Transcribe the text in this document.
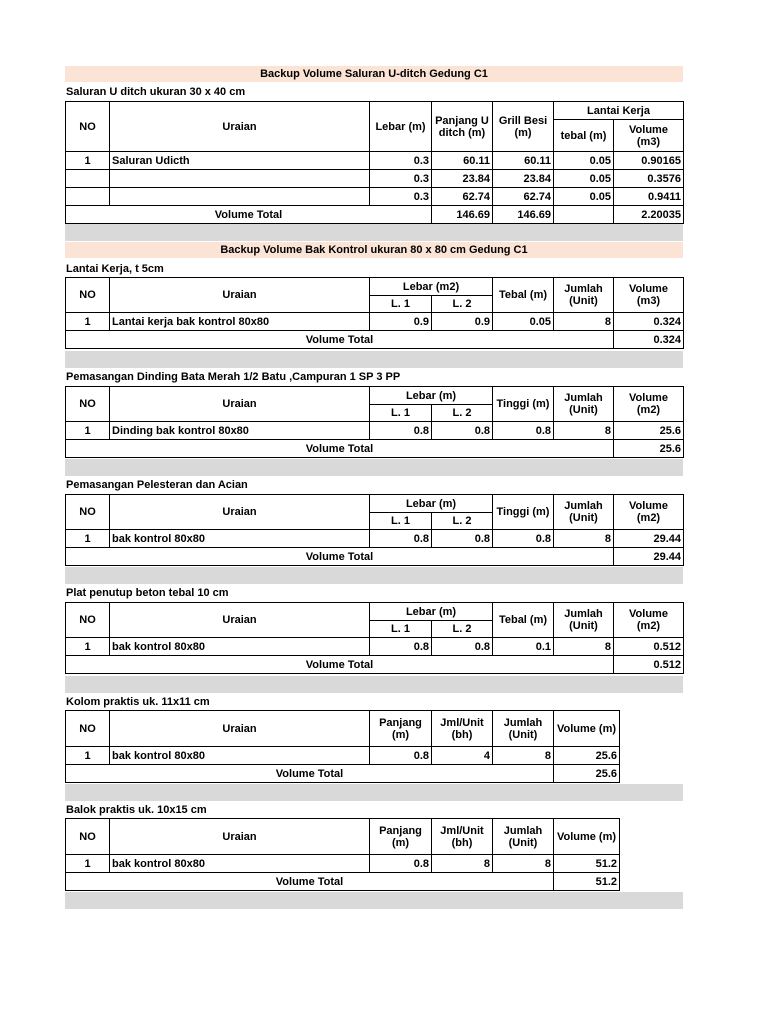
Backup Volume Saluran U-ditch Gedung C1
Saluran U ditch ukuran 30 x 40 cm
NO	Uraian	Lebar (m)	Panjang U ditch (m)	Grill Besi (m)	Lantai Kerja	
					tebal (m)	Volume (m3)
1	Saluran Udicth	0.3	60.11	60.11	0.05	0.90165
		0.3	23.84	23.84	0.05	0.3576
		0.3	62.74	62.74	0.05	0.9411
Volume Total			146.69	146.69		2.20035
Backup Volume Bak Kontrol ukuran 80 x 80 cm Gedung C1
Lantai Kerja, t 5cm
NO	Uraian	Lebar (m2)		Tebal (m)	Jumlah (Unit)	Volume (m3)
		L. 1	L. 2			
1	Lantai kerja bak kontrol 80x80	0.9	0.9	0.05	8	0.324
Volume Total						0.324
Pemasangan Dinding Bata Merah 1/2 Batu ,Campuran 1 SP 3 PP
NO	Uraian	Lebar (m)		Tinggi (m)	Jumlah (Unit)	Volume (m2)
		L. 1	L. 2			
1	Dinding bak kontrol 80x80	0.8	0.8	0.8	8	25.6
Volume Total						25.6
Pemasangan Pelesteran dan Acian
NO	Uraian	Lebar (m)		Tinggi (m)	Jumlah (Unit)	Volume (m2)
		L. 1	L. 2			
1	bak kontrol 80x80	0.8	0.8	0.8	8	29.44
Volume Total						29.44
Plat penutup beton tebal 10 cm
NO	Uraian	Lebar (m)		Tebal (m)	Jumlah (Unit)	Volume (m2)
		L. 1	L. 2			
1	bak kontrol 80x80	0.8	0.8	0.1	8	0.512
Volume Total						0.512
Kolom praktis uk. 11x11 cm
NO	Uraian	Panjang (m)	Jml/Unit (bh)	Jumlah (Unit)	Volume (m)
1	bak kontrol 80x80	0.8	4	8	25.6
Volume Total					25.6
Balok praktis uk. 10x15 cm
NO	Uraian	Panjang (m)	Jml/Unit (bh)	Jumlah (Unit)	Volume (m)
1	bak kontrol 80x80	0.8	8	8	51.2
Volume Total					51.2
